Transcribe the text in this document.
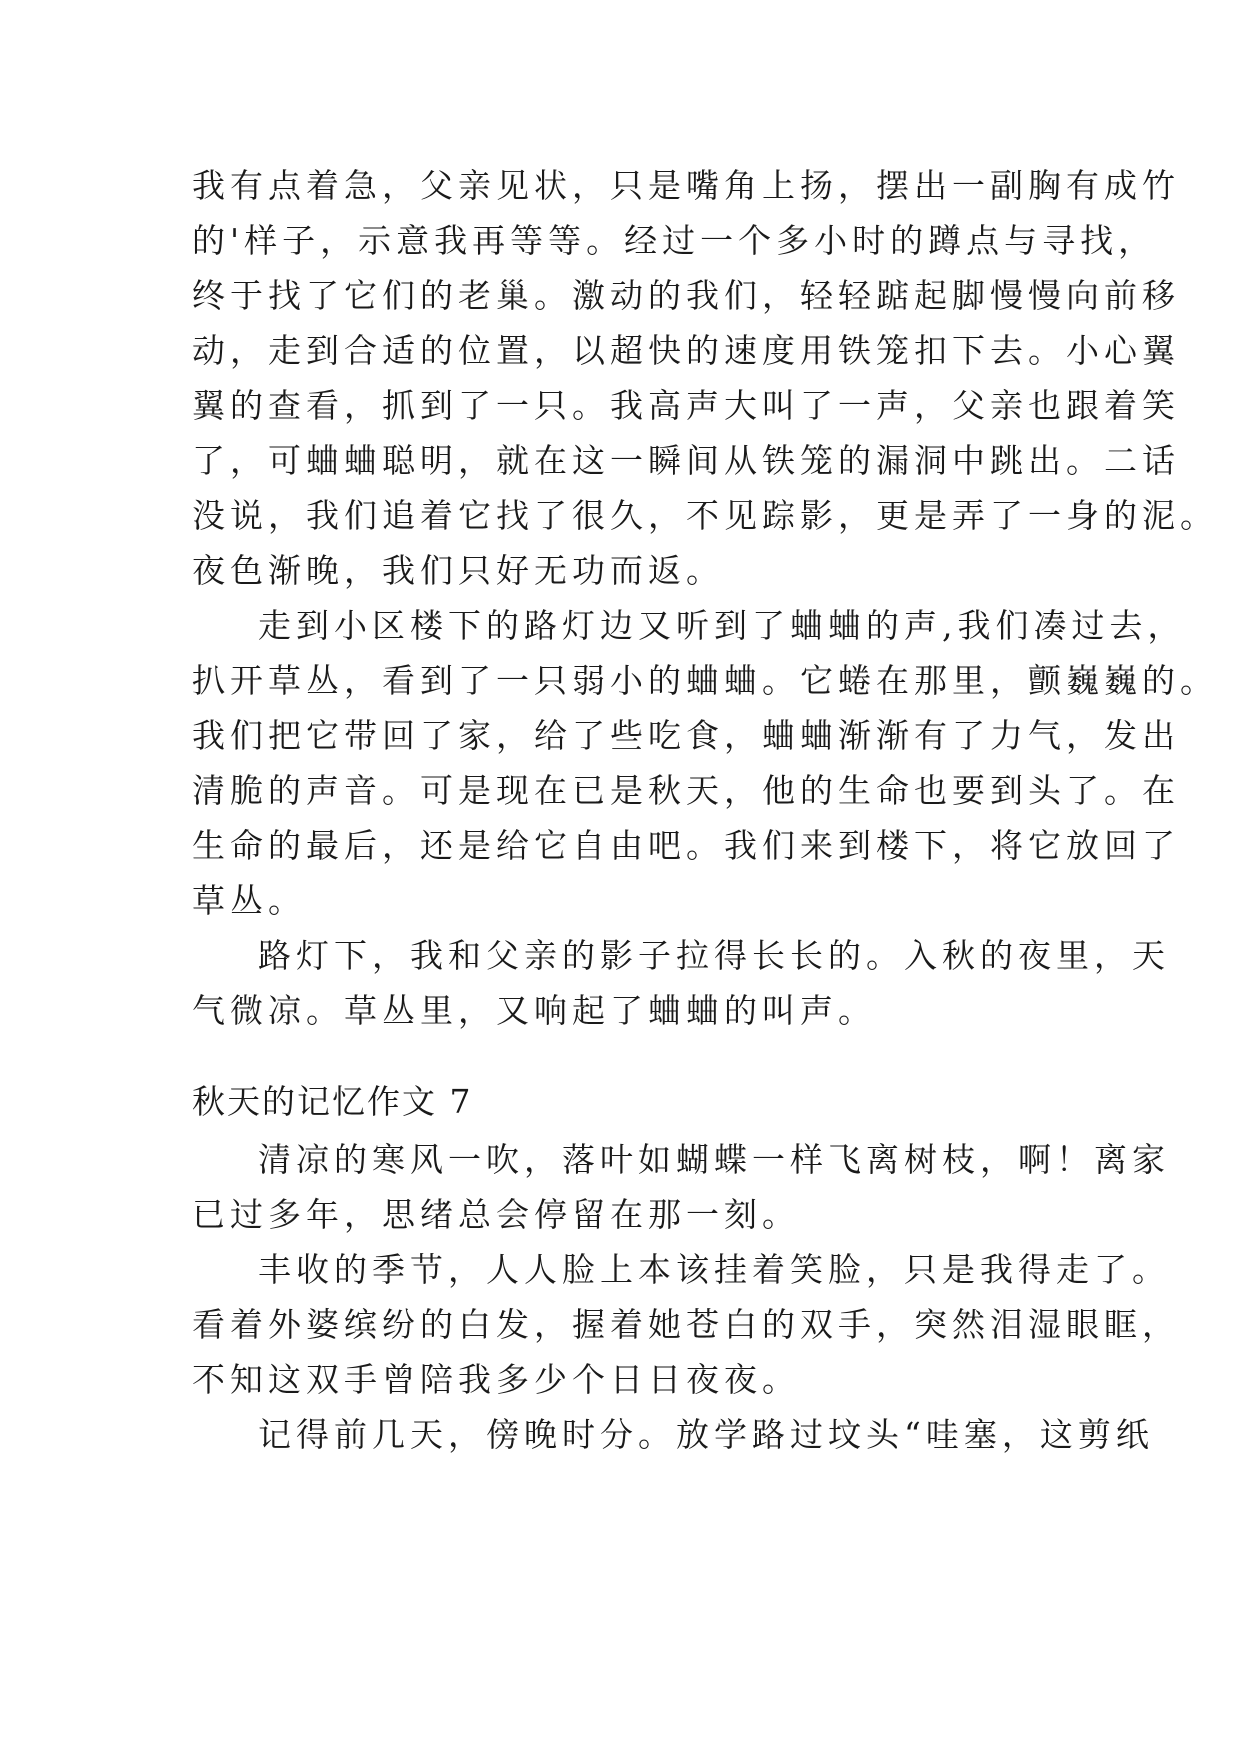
我有点着急，父亲见状，只是嘴角上扬，摆出一副胸有成竹
的'样子，示意我再等等。经过一个多小时的蹲点与寻找，
终于找了它们的老巢。激动的我们，轻轻踮起脚慢慢向前移
动，走到合适的位置，以超快的速度用铁笼扣下去。小心翼
翼的查看，抓到了一只。我高声大叫了一声，父亲也跟着笑
了，可蛐蛐聪明，就在这一瞬间从铁笼的漏洞中跳出。二话
没说，我们追着它找了很久，不见踪影，更是弄了一身的泥。
夜色渐晚，我们只好无功而返。
走到小区楼下的路灯边又听到了蛐蛐的声,我们凑过去，
扒开草丛，看到了一只弱小的蛐蛐。它蜷在那里，颤巍巍的。
我们把它带回了家，给了些吃食，蛐蛐渐渐有了力气，发出
清脆的声音。可是现在已是秋天，他的生命也要到头了。在
生命的最后，还是给它自由吧。我们来到楼下，将它放回了
草丛。
路灯下，我和父亲的影子拉得长长的。入秋的夜里，天
气微凉。草丛里，又响起了蛐蛐的叫声。
秋天的记忆作文 7
清凉的寒风一吹，落叶如蝴蝶一样飞离树枝，啊！离家
已过多年，思绪总会停留在那一刻。
丰收的季节，人人脸上本该挂着笑脸，只是我得走了。
看着外婆缤纷的白发，握着她苍白的双手，突然泪湿眼眶，
不知这双手曾陪我多少个日日夜夜。
记得前几天，傍晚时分。放学路过坟头“哇塞，这剪纸
